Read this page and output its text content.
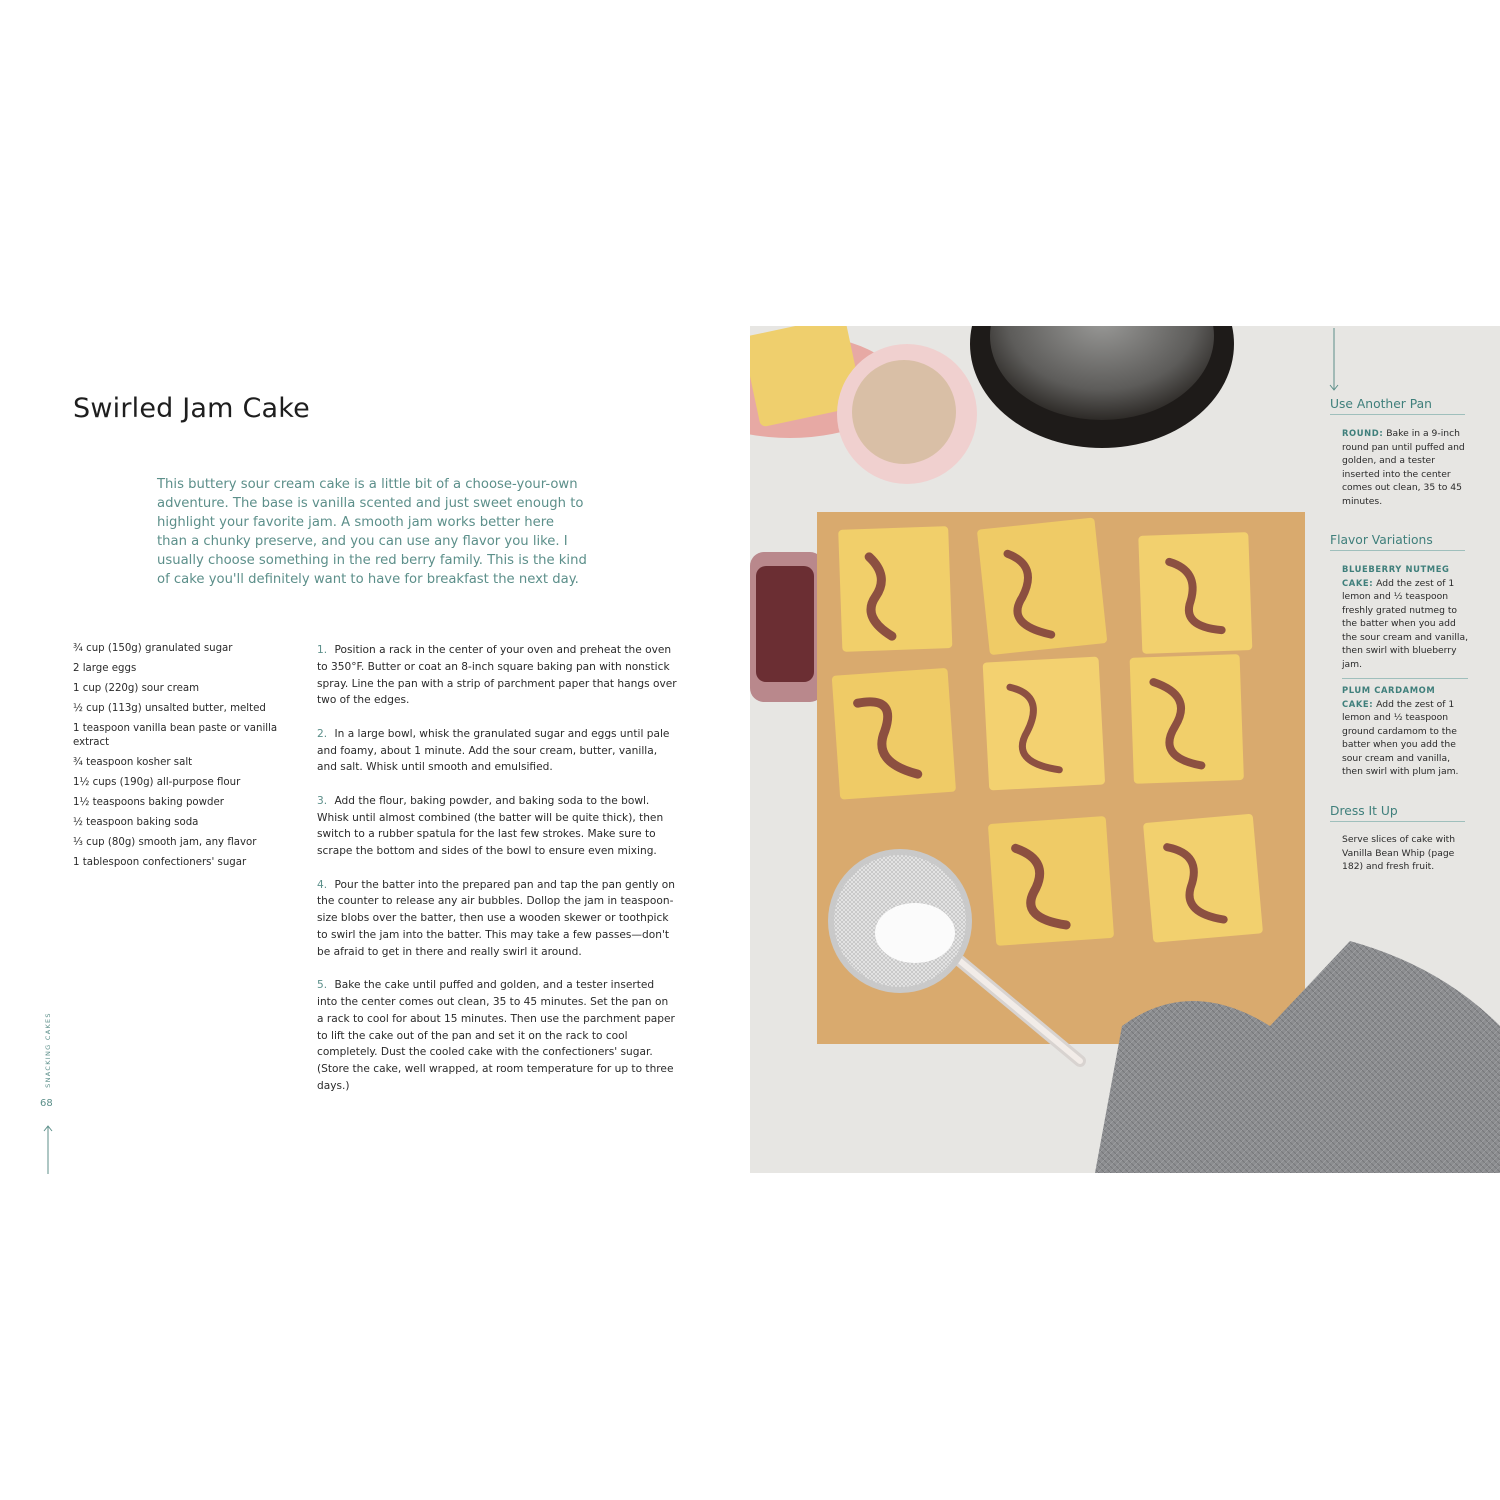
Swirled Jam Cake

This buttery sour cream cake is a little bit of a choose-your-own adventure. The base is vanilla scented and just sweet enough to highlight your favorite jam. A smooth jam works better here than a chunky preserve, and you can use any flavor you like. I usually choose something in the red berry family. This is the kind of cake you'll definitely want to have for breakfast the next day.

¾ cup (150g) granulated sugar
2 large eggs
1 cup (220g) sour cream
½ cup (113g) unsalted butter, melted
1 teaspoon vanilla bean paste or vanilla extract
¾ teaspoon kosher salt
1½ cups (190g) all-purpose flour
1½ teaspoons baking powder
½ teaspoon baking soda
⅓ cup (80g) smooth jam, any flavor
1 tablespoon confectioners' sugar
1. Position a rack in the center of your oven and preheat the oven to 350°F. Butter or coat an 8-inch square baking pan with nonstick spray. Line the pan with a strip of parchment paper that hangs over two of the edges.
2. In a large bowl, whisk the granulated sugar and eggs until pale and foamy, about 1 minute. Add the sour cream, butter, vanilla, and salt. Whisk until smooth and emulsified.
3. Add the flour, baking powder, and baking soda to the bowl. Whisk until almost combined (the batter will be quite thick), then switch to a rubber spatula for the last few strokes. Make sure to scrape the bottom and sides of the bowl to ensure even mixing.
4. Pour the batter into the prepared pan and tap the pan gently on the counter to release any air bubbles. Dollop the jam in teaspoon-size blobs over the batter, then use a wooden skewer or toothpick to swirl the jam into the batter. This may take a few passes—don't be afraid to get in there and really swirl it around.
5. Bake the cake until puffed and golden, and a tester inserted into the center comes out clean, 35 to 45 minutes. Set the pan on a rack to cool for about 15 minutes. Then use the parchment paper to lift the cake out of the pan and set it on the rack to cool completely. Dust the cooled cake with the confectioners' sugar. (Store the cake, well wrapped, at room temperature for up to three days.)
SNACKING CAKES
68
Use Another Pan

ROUND: Bake in a 9-inch round pan until puffed and golden, and a tester inserted into the center comes out clean, 35 to 45 minutes.

Flavor Variations

BLUEBERRY NUTMEG CAKE: Add the zest of 1 lemon and ½ teaspoon freshly grated nutmeg to the batter when you add the sour cream and vanilla, then swirl with blueberry jam.

PLUM CARDAMOM CAKE: Add the zest of 1 lemon and ½ teaspoon ground cardamom to the batter when you add the sour cream and vanilla, then swirl with plum jam.

Dress It Up

Serve slices of cake with Vanilla Bean Whip (page 182) and fresh fruit.
